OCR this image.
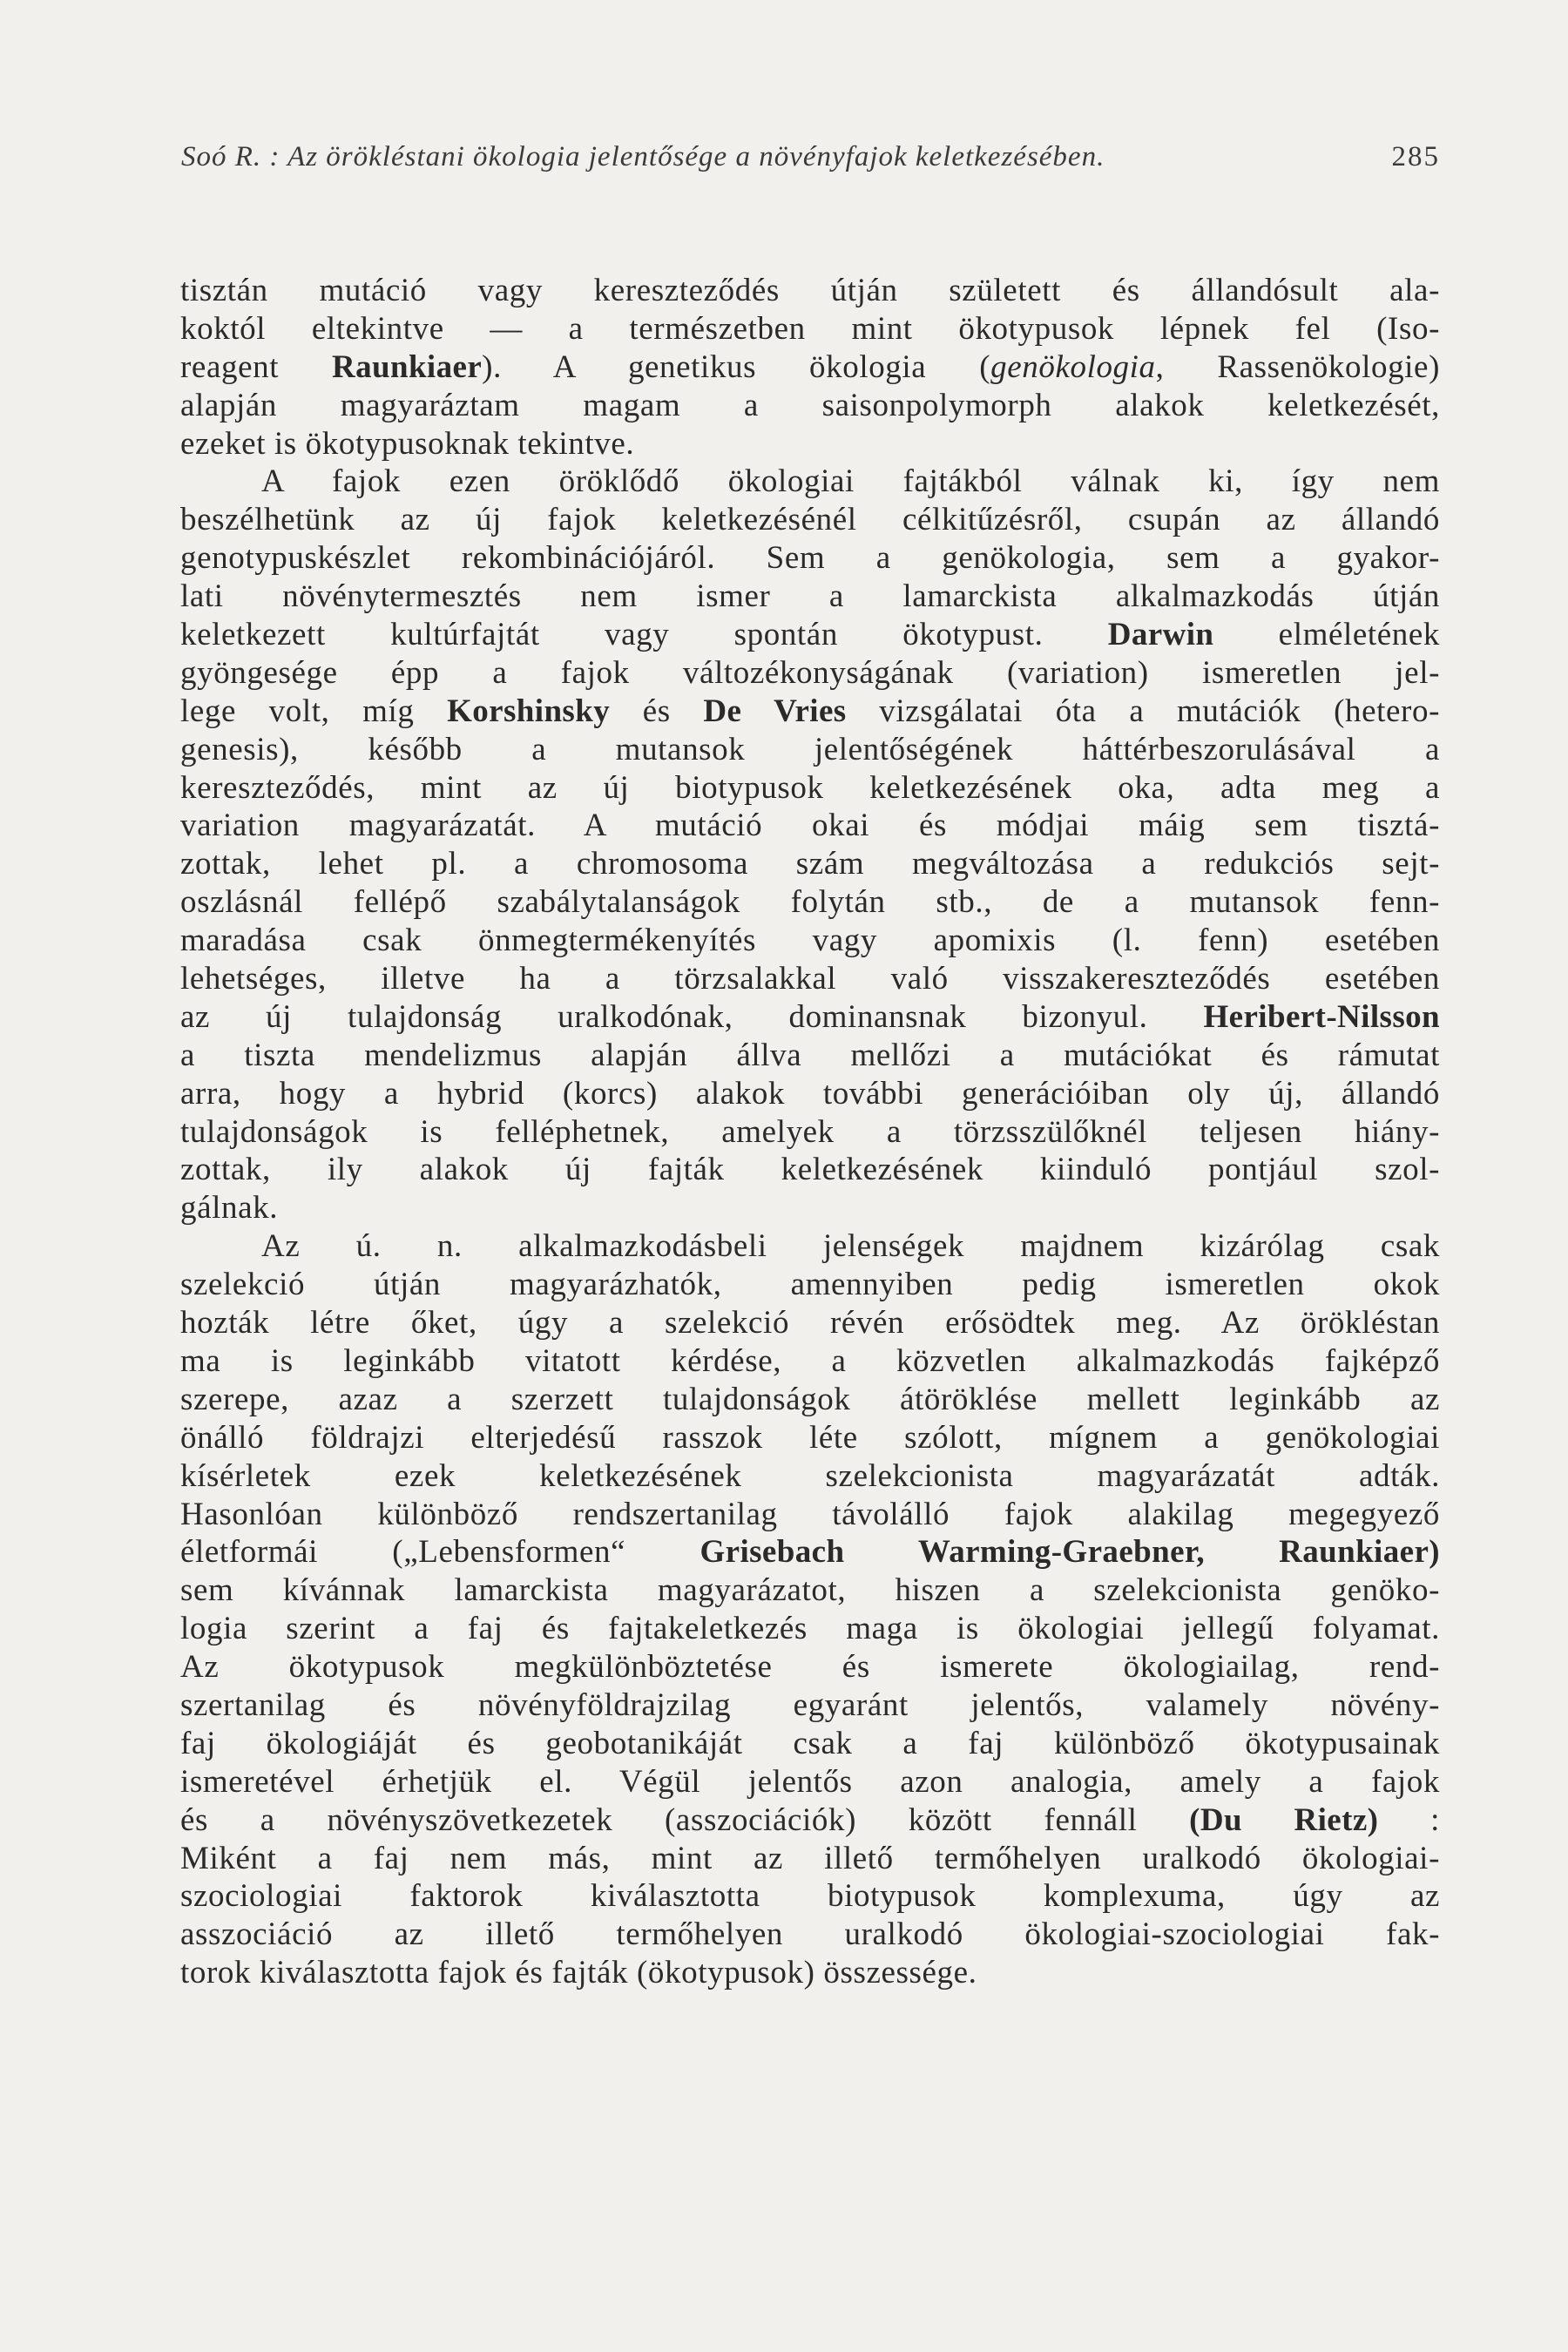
Soó R. : Az örökléstani ökologia jelentősége a növényfajok keletkezésében.	285
tisztán mutáció vagy kereszteződés útján született és állandósult ala-
koktól eltekintve — a természetben mint ökotypusok lépnek fel (Iso-
reagent Raunkiaer). A genetikus ökologia (genökologia, Rassenökologie)
alapján magyaráztam magam a saisonpolymorph alakok keletkezését,
ezeket is ökotypusoknak tekintve.
A fajok ezen öröklődő ökologiai fajtákból válnak ki, így nem
beszélhetünk az új fajok keletkezésénél célkitűzésről, csupán az állandó
genotypuskészlet rekombinációjáról. Sem a genökologia, sem a gyakor-
lati növénytermesztés nem ismer a lamarckista alkalmazkodás útján
keletkezett kultúrfajtát vagy spontán ökotypust. Darwin elméletének
gyöngesége épp a fajok változékonyságának (variation) ismeretlen jel-
lege volt, míg Korshinsky és De Vries vizsgálatai óta a mutációk (hetero-
genesis), később a mutansok jelentőségének háttérbeszorulásával a
kereszteződés, mint az új biotypusok keletkezésének oka, adta meg a
variation magyarázatát. A mutáció okai és módjai máig sem tisztá-
zottak, lehet pl. a chromosoma szám megváltozása a redukciós sejt-
oszlásnál fellépő szabálytalanságok folytán stb., de a mutansok fenn-
maradása csak önmegtermékenyítés vagy apomixis (l. fenn) esetében
lehetséges, illetve ha a törzsalakkal való visszakereszteződés esetében
az új tulajdonság uralkodónak, dominansnak bizonyul. Heribert-Nilsson
a tiszta mendelizmus alapján állva mellőzi a mutációkat és rámutat
arra, hogy a hybrid (korcs) alakok további generációiban oly új, állandó
tulajdonságok is felléphetnek, amelyek a törzsszülőknél teljesen hiány-
zottak, ily alakok új fajták keletkezésének kiinduló pontjául szol-
gálnak.
Az ú. n. alkalmazkodásbeli jelenségek majdnem kizárólag csak
szelekció útján magyarázhatók, amennyiben pedig ismeretlen okok
hozták létre őket, úgy a szelekció révén erősödtek meg. Az örökléstan
ma is leginkább vitatott kérdése, a közvetlen alkalmazkodás fajképző
szerepe, azaz a szerzett tulajdonságok átöröklése mellett leginkább az
önálló földrajzi elterjedésű rasszok léte szólott, mígnem a genökologiai
kísérletek ezek keletkezésének szelekcionista magyarázatát adták.
Hasonlóan különböző rendszertanilag távolálló fajok alakilag megegyező
életformái („Lebensformen“ Grisebach Warming-Graebner, Raunkiaer)
sem kívánnak lamarckista magyarázatot, hiszen a szelekcionista genöko-
logia szerint a faj és fajtakeletkezés maga is ökologiai jellegű folyamat.
Az ökotypusok megkülönböztetése és ismerete ökologiailag, rend-
szertanilag és növényföldrajzilag egyaránt jelentős, valamely növény-
faj ökologiáját és geobotanikáját csak a faj különböző ökotypusainak
ismeretével érhetjük el. Végül jelentős azon analogia, amely a fajok
és a növényszövetkezetek (asszociációk) között fennáll (Du Rietz) :
Miként a faj nem más, mint az illető termőhelyen uralkodó ökologiai-
szociologiai faktorok kiválasztotta biotypusok komplexuma, úgy az
asszociáció az illető termőhelyen uralkodó ökologiai-szociologiai fak-
torok kiválasztotta fajok és fajták (ökotypusok) összessége.
